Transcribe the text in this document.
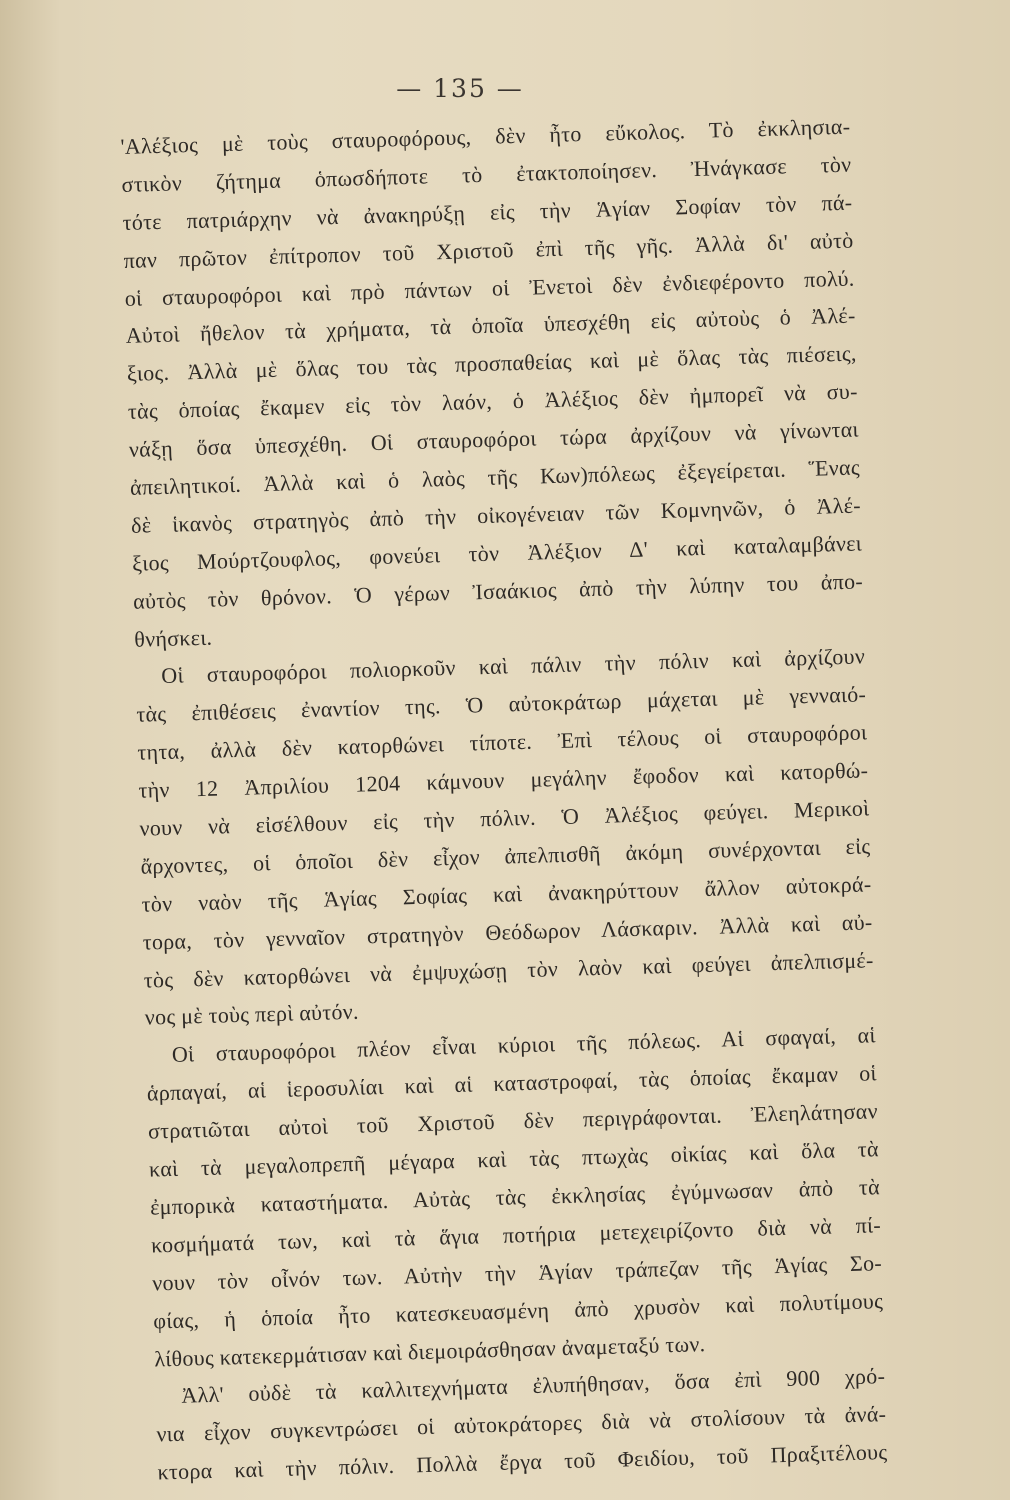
— 135 —
'Αλέξιος μὲ τοὺς σταυροφόρους, δὲν ἦτο εὔκολος. Τὸ ἐκκλησια-
στικὸν ζήτημα ὁπωσδήποτε τὸ ἐτακτοποίησεν. Ἠνάγκασε τὸν
τότε πατριάρχην νὰ ἀνακηρύξῃ εἰς τὴν Ἁγίαν Σοφίαν τὸν πά-
παν πρῶτον ἐπίτροπον τοῦ Χριστοῦ ἐπὶ τῆς γῆς. Ἀλλὰ δι' αὐτὸ
οἱ σταυροφόροι καὶ πρὸ πάντων οἱ Ἐνετοὶ δὲν ἐνδιεφέροντο πολύ.
Αὐτοὶ ἤθελον τὰ χρήματα, τὰ ὁποῖα ὑπεσχέθη εἰς αὐτοὺς ὁ Ἀλέ-
ξιος. Ἀλλὰ μὲ ὅλας του τὰς προσπαθείας καὶ μὲ ὅλας τὰς πιέσεις,
τὰς ὁποίας ἔκαμεν εἰς τὸν λαόν, ὁ Ἀλέξιος δὲν ἠμπορεῖ νὰ συ-
νάξῃ ὅσα ὑπεσχέθη. Οἱ σταυροφόροι τώρα ἀρχίζουν νὰ γίνωνται
ἀπειλητικοί. Ἀλλὰ καὶ ὁ λαὸς τῆς Κων)πόλεως ἐξεγείρεται. Ἕνας
δὲ ἱκανὸς στρατηγὸς ἀπὸ τὴν οἰκογένειαν τῶν Κομνηνῶν, ὁ Ἀλέ-
ξιος Μούρτζουφλος, φονεύει τὸν Ἀλέξιον Δ' καὶ καταλαμβάνει
αὐτὸς τὸν θρόνον. Ὁ γέρων Ἰσαάκιος ἀπὸ τὴν λύπην του ἀπο-
θνήσκει.
Οἱ σταυροφόροι πολιορκοῦν καὶ πάλιν τὴν πόλιν καὶ ἀρχίζουν
τὰς ἐπιθέσεις ἐναντίον της. Ὁ αὐτοκράτωρ μάχεται μὲ γενναιό-
τητα, ἀλλὰ δὲν κατορθώνει τίποτε. Ἐπὶ τέλους οἱ σταυροφόροι
τὴν 12 Ἀπριλίου 1204 κάμνουν μεγάλην ἔφοδον καὶ κατορθώ-
νουν νὰ εἰσέλθουν εἰς τὴν πόλιν. Ὁ Ἀλέξιος φεύγει. Μερικοὶ
ἄρχοντες, οἱ ὁποῖοι δὲν εἶχον ἀπελπισθῆ ἀκόμη συνέρχονται εἰς
τὸν ναὸν τῆς Ἁγίας Σοφίας καὶ ἀνακηρύττουν ἄλλον αὐτοκρά-
τορα, τὸν γενναῖον στρατηγὸν Θεόδωρον Λάσκαριν. Ἀλλὰ καὶ αὐ-
τὸς δὲν κατορθώνει νὰ ἐμψυχώσῃ τὸν λαὸν καὶ φεύγει ἀπελπισμέ-
νος μὲ τοὺς περὶ αὐτόν.
Οἱ σταυροφόροι πλέον εἶναι κύριοι τῆς πόλεως. Αἱ σφαγαί, αἱ
ἁρπαγαί, αἱ ἱεροσυλίαι καὶ αἱ καταστροφαί, τὰς ὁποίας ἔκαμαν οἱ
στρατιῶται αὐτοὶ τοῦ Χριστοῦ δὲν περιγράφονται. Ἐλεηλάτησαν
καὶ τὰ μεγαλοπρεπῆ μέγαρα καὶ τὰς πτωχὰς οἰκίας καὶ ὅλα τὰ
ἐμπορικὰ καταστήματα. Αὐτὰς τὰς ἐκκλησίας ἐγύμνωσαν ἀπὸ τὰ
κοσμήματά των, καὶ τὰ ἅγια ποτήρια μετεχειρίζοντο διὰ νὰ πί-
νουν τὸν οἶνόν των. Αὐτὴν τὴν Ἁγίαν τράπεζαν τῆς Ἁγίας Σο-
φίας, ἡ ὁποία ἦτο κατεσκευασμένη ἀπὸ χρυσὸν καὶ πολυτίμους
λίθους κατεκερμάτισαν καὶ διεμοιράσθησαν ἀναμεταξύ των.
Ἀλλ' οὐδὲ τὰ καλλιτεχνήματα ἐλυπήθησαν, ὅσα ἐπὶ 900 χρό-
νια εἶχον συγκεντρώσει οἱ αὐτοκράτορες διὰ νὰ στολίσουν τὰ ἀνά-
κτορα καὶ τὴν πόλιν. Πολλὰ ἔργα τοῦ Φειδίου, τοῦ Πραξιτέλους
